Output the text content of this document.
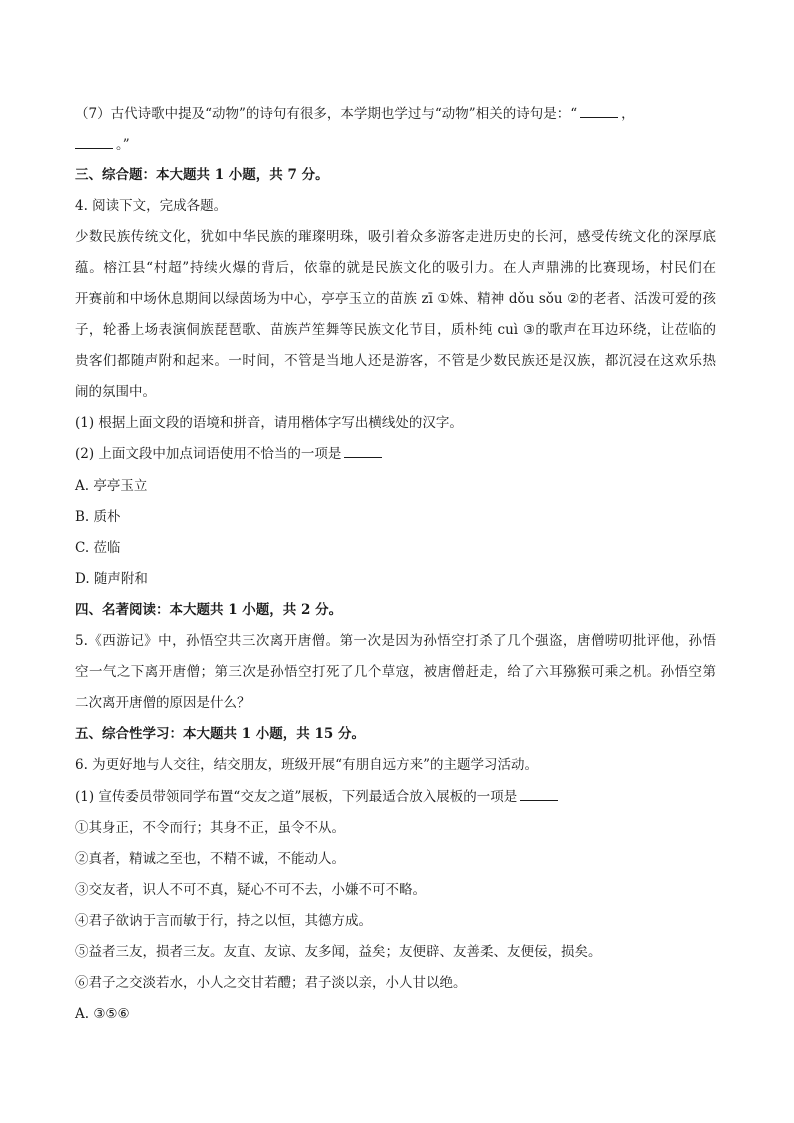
（7）古代诗歌中提及“动物”的诗句有很多，本学期也学过与“动物”相关的诗句是：“	，
。”
三、综合题：本大题共 1 小题，共 7 分。
4. 阅读下文，完成各题。
少数民族传统文化，犹如中华民族的璀璨明珠，吸引着众多游客走进历史的长河，感受传统文化的深厚底
蕴。榕江县“村超”持续火爆的背后，依靠的就是民族文化的吸引力。在人声鼎沸的比赛现场，村民们在
开赛前和中场休息期间以绿茵场为中心，亭亭玉立的苗族 zī ①姝、精神 dǒu sǒu ②的老者、活泼可爱的孩
子，轮番上场表演侗族琵琶歌、苗族芦笙舞等民族文化节目，质朴纯 cuì ③的歌声在耳边环绕，让莅临的
贵客们都随声附和起来。一时间，不管是当地人还是游客，不管是少数民族还是汉族，都沉浸在这欢乐热
闹的氛围中。
(1) 根据上面文段的语境和拼音，请用楷体字写出横线处的汉字。
(2) 上面文段中加点词语使用不恰当的一项是
A. 亭亭玉立
B. 质朴
C. 莅临
D. 随声附和
四、名著阅读：本大题共 1 小题，共 2 分。
5.《西游记》中，孙悟空共三次离开唐僧。第一次是因为孙悟空打杀了几个强盗，唐僧唠叨批评他，孙悟
空一气之下离开唐僧；第三次是孙悟空打死了几个草寇，被唐僧赶走，给了六耳猕猴可乘之机。孙悟空第
二次离开唐僧的原因是什么？
五、综合性学习：本大题共 1 小题，共 15 分。
6. 为更好地与人交往，结交朋友，班级开展“有朋自远方来”的主题学习活动。
(1) 宣传委员带领同学布置“交友之道”展板，下列最适合放入展板的一项是
①其身正，不令而行；其身不正，虽令不从。
②真者，精诚之至也，不精不诚，不能动人。
③交友者，识人不可不真，疑心不可不去，小嫌不可不略。
④君子欲讷于言而敏于行，持之以恒，其德方成。
⑤益者三友，损者三友。友直、友谅、友多闻，益矣；友便辟、友善柔、友便佞，损矣。
⑥君子之交淡若水，小人之交甘若醴；君子淡以亲，小人甘以绝。
A. ③⑤⑥
